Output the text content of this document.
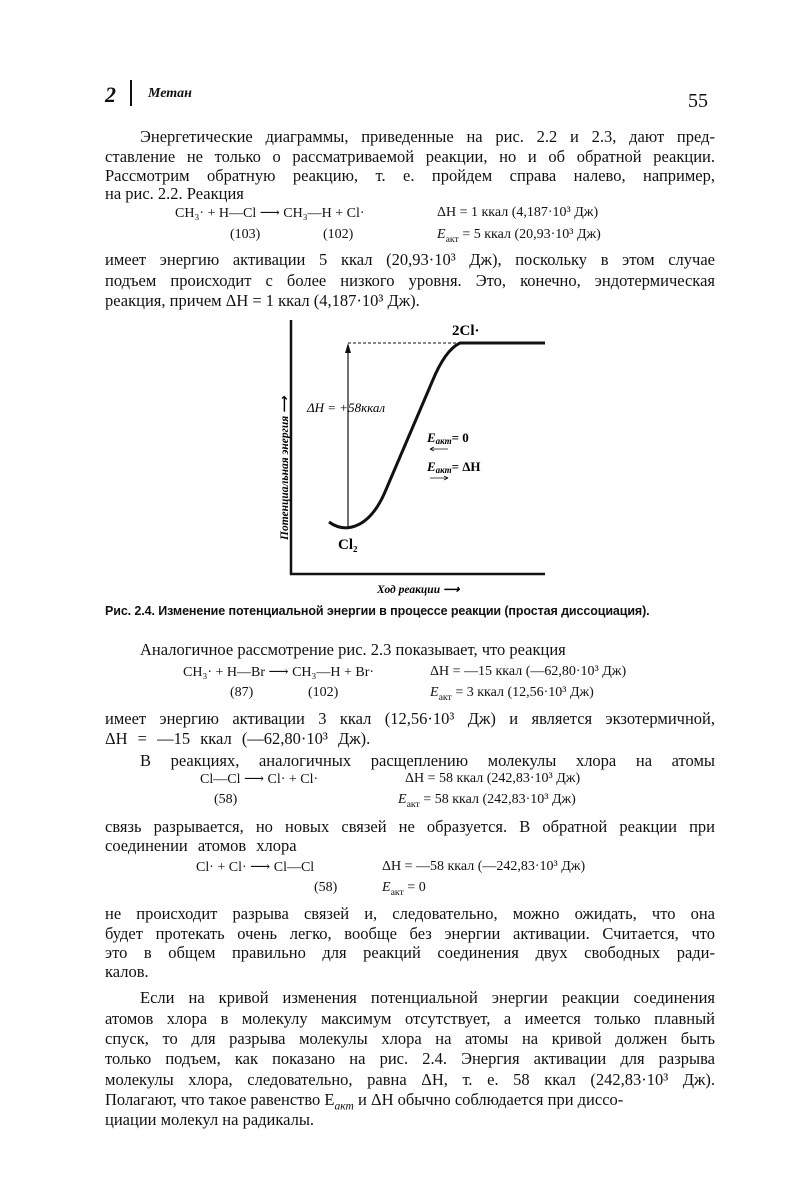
2 Метан	55
Энергетические диаграммы, приведенные на рис. 2.2 и 2.3, дают пред-
ставление не только о рассматриваемой реакции, но и об обратной реакции.
Рассмотрим обратную реакцию, т. е. пройдем справа налево, например,
на рис. 2.2. Реакция
CH₃· + H—Cl ⟶ CH₃—H + Cl·
(103)	(102)
ΔH = 1 ккал (4,187·10³ Дж)
$E_{акт} = 5$ ккал (20,93·10³ Дж)
имеет энергию активации 5 ккал (20,93·10³ Дж), поскольку в этом случае
подъем происходит с более низкого уровня. Это, конечно, эндотермическая
реакция, причем ΔH = 1 ккал (4,187·10³ Дж).
2Cl·
Cl₂
ΔH = +58ккал
Eакт= 0
Eакт= ΔH
Потенциальная энергия ⟶
Ход реакции ⟶
Рис. 2.4. Изменение потенциальной энергии в процессе реакции (простая диссоциация).
Аналогичное рассмотрение рис. 2.3 показывает, что реакция
CH₃· + H—Br ⟶ CH₃—H + Br·
(87)	(102)
ΔH = —15 ккал (—62,80·10³ Дж)
$E_{акт} = 3$ ккал (12,56·10³ Дж)
имеет энергию активации 3 ккал (12,56·10³ Дж) и является экзотермичной,
ΔH = —15 ккал (—62,80·10³ Дж).
В реакциях, аналогичных расщеплению молекулы хлора на атомы
Cl—Cl ⟶ Cl· + Cl·
(58)
ΔH = 58 ккал (242,83·10³ Дж)
$E_{акт} = 58$ ккал (242,83·10³ Дж)
связь разрывается, но новых связей не образуется. В обратной реакции при
соединении атомов хлора
Cl· + Cl· ⟶ Cl—Cl
(58)
ΔH = —58 ккал (—242,83·10³ Дж)
$E_{акт} = 0$
не происходит разрыва связей и, следовательно, можно ожидать, что она
будет протекать очень легко, вообще без энергии активации. Считается, что
это в общем правильно для реакций соединения двух свободных ради-
калов.
Если на кривой изменения потенциальной энергии реакции соединения
атомов хлора в молекулу максимум отсутствует, а имеется только плавный
спуск, то для разрыва молекулы хлора на атомы на кривой должен быть
только подъем, как показано на рис. 2.4. Энергия активации для разрыва
молекулы хлора, следовательно, равна ΔH, т. е. 58 ккал (242,83·10³ Дж).
Полагают, что такое равенство $E_{акт}$ и ΔH обычно соблюдается при диссо-
циации молекул на радикалы.
